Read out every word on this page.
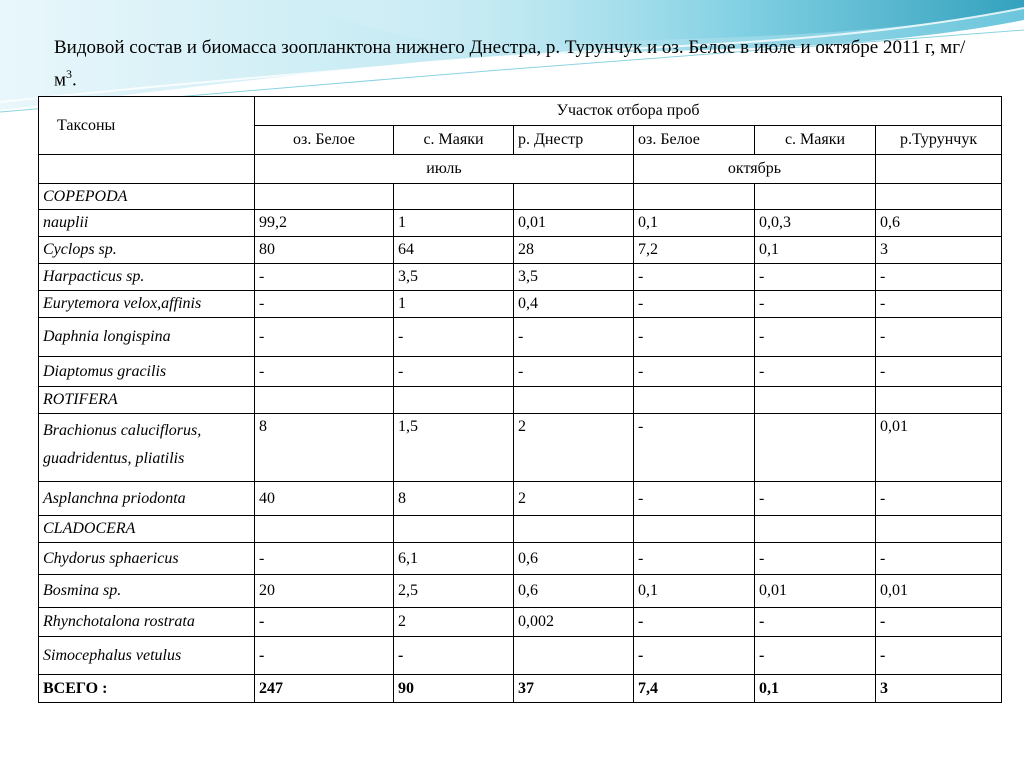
Видовой состав и биомасса зоопланктона нижнего Днестра, р. Турунчук и оз. Белое в июле и октябре 2011 г, $мг/м^3$.
Таксоны	Участок отбора проб					
	оз. Белое	с. Маяки	р. Днестр	оз. Белое	с. Маяки	р.Турунчук
	июль			октябрь		
COPEPODA						
nauplii	99,2	1	0,01	0,1	0,0,3	0,6
Cyclops sp.	80	64	28	7,2	0,1	3
Harpacticus sp.	-	3,5	3,5	-	-	-
Eurytemora velox,affinis	-	1	0,4	-	-	-
Daphnia longispina	-	-	-	-	-	-
Diaptomus gracilis	-	-	-	-	-	-
ROTIFERA						
Brachionus caluciflorus,
guadridentus, pliatilis	8	1,5	2	-		0,01
Asplanchna priodonta	40	8	2	-	-	-
CLADOCERA						
Chydorus sphaericus	-	6,1	0,6	-	-	-
Bosmina sp.	20	2,5	0,6	0,1	0,01	0,01
Rhynchotalona rostrata	-	2	0,002	-	-	-
Simocephalus vetulus	-	-		-	-	-
ВСЕГО :	247	90	37	7,4	0,1	3
